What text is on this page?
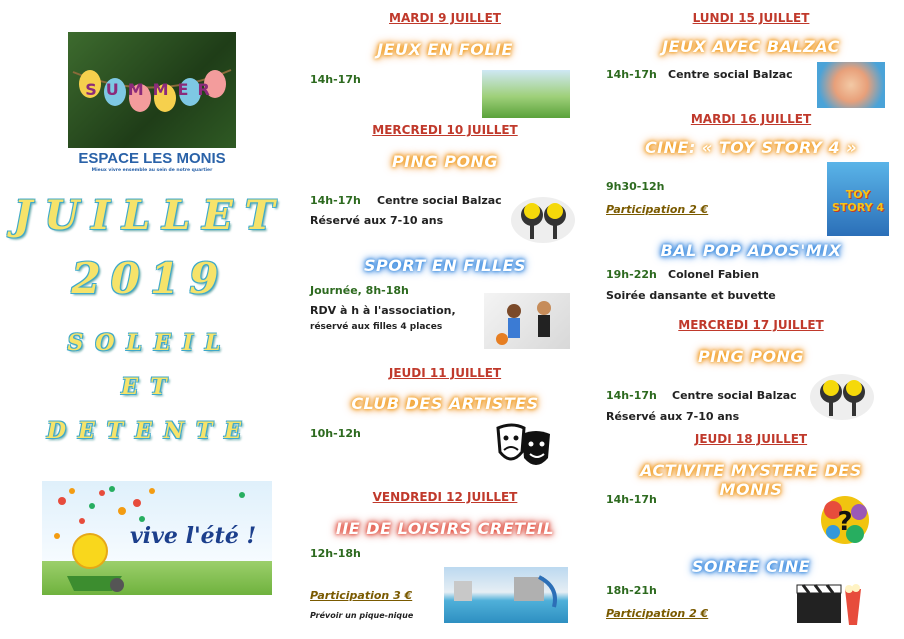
SUMMER
ESPACE LES MONIS
Mieux vivre ensemble au sein de notre quartier
JUILLET
2019
SOLEIL
ET
DETENTE
vive l'été !
MARDI 9 JUILLET
JEUX EN FOLIE
14h-17h
MERCREDI 10 JUILLET
PING PONG
14h-17h Centre social Balzac
Réservé aux 7-10 ans
SPORT EN FILLES
Journée, 8h-18h
RDV à h à l'association,
réservé aux filles 4 places
JEUDI 11 JUILLET
CLUB DES ARTISTES
10h-12h
VENDREDI 12 JUILLET
IIE DE LOISIRS CRETEIL
12h-18h
Participation 3 €
Prévoir un pique-nique
LUNDI 15 JUILLET
JEUX AVEC BALZAC
14h-17h Centre social Balzac
MARDI 16 JUILLET
CINE: « TOY STORY 4 »
9h30-12h
Participation 2 €
TOY STORY 4
BAL POP ADOS'MIX
19h-22h Colonel Fabien
Soirée dansante et buvette
MERCREDI 17 JUILLET
PING PONG
14h-17h Centre social Balzac
Réservé aux 7-10 ans
JEUDI 18 JUILLET
ACTIVITE MYSTERE DES MONIS
14h-17h
?
SOIREE CINE
18h-21h
Participation 2 €
